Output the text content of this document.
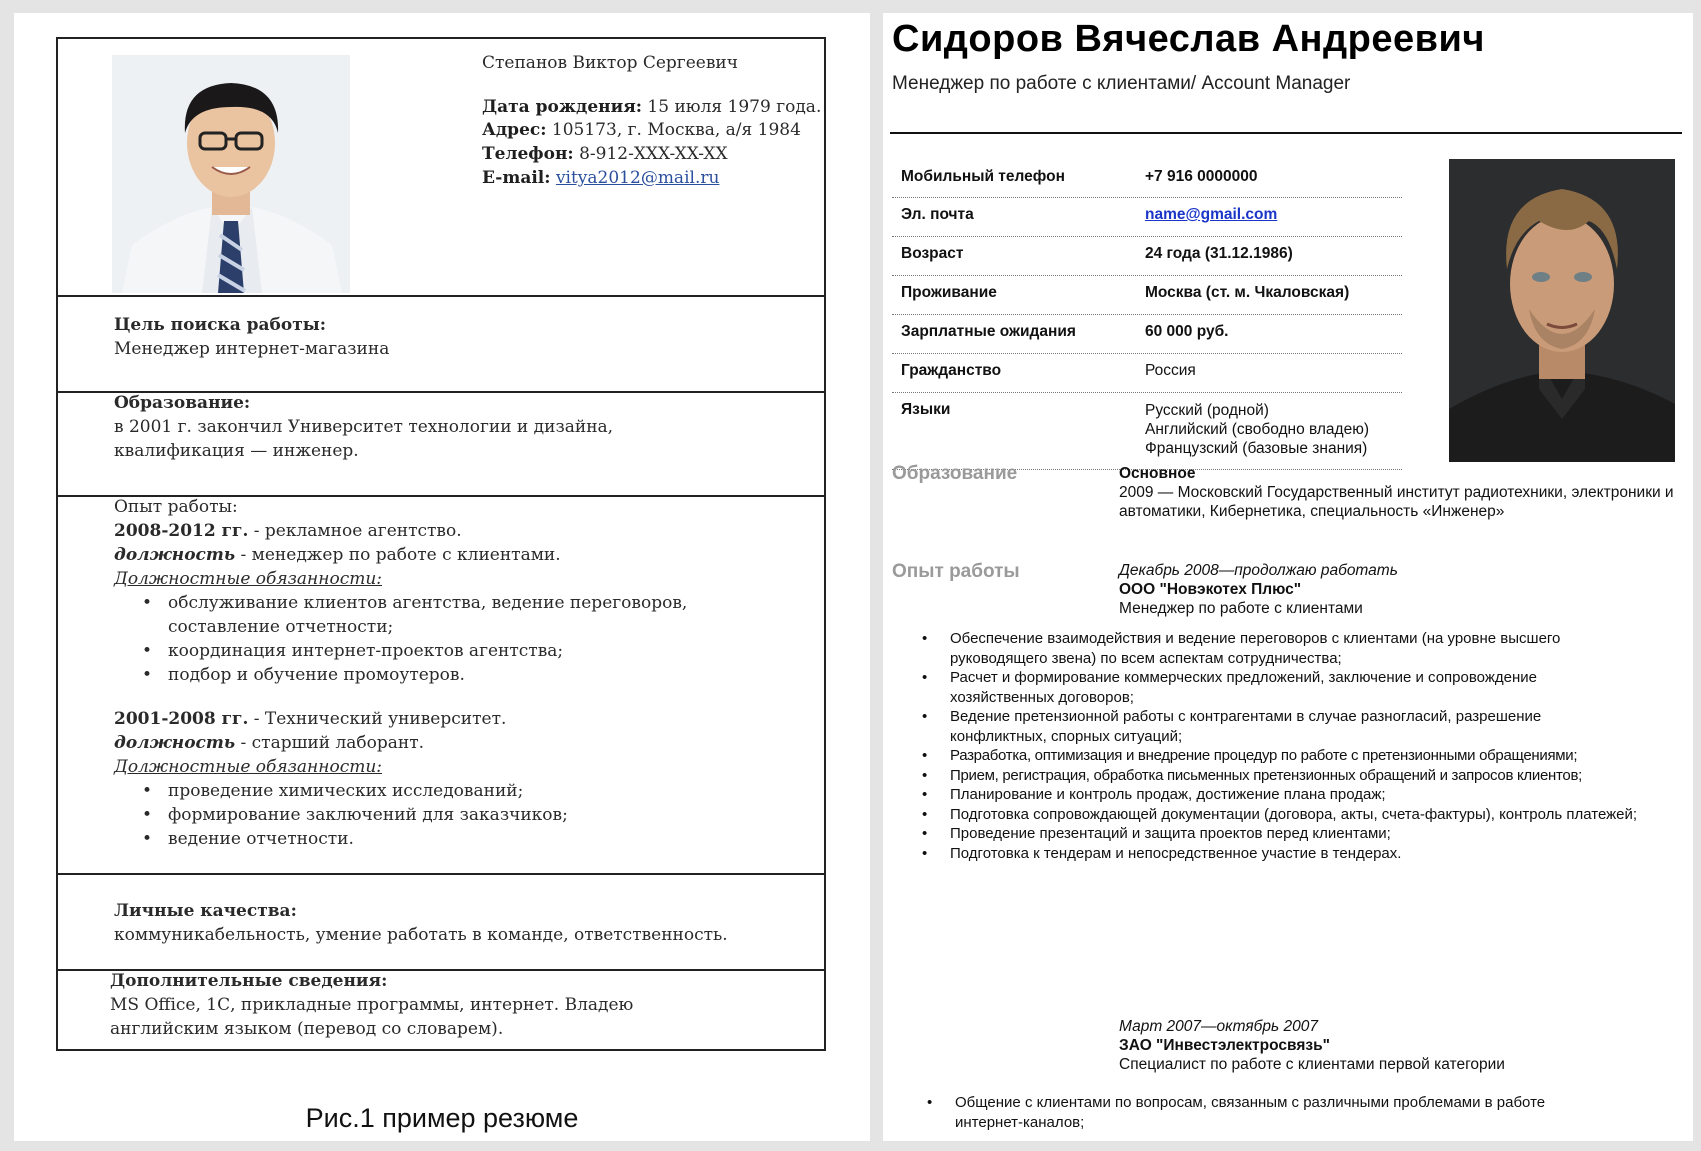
Степанов Виктор Сергеевич
Дата рождения: 15 июля 1979 года.
Адрес: 105173, г. Москва, а/я 1984
Телефон: 8-912-XXX-XX-XX
E-mail: vitya2012@mail.ru
Цель поиска работы:
Менеджер интернет-магазина
Образование:
в 2001 г. закончил Университет технологии и дизайна, квалификация — инженер.
Опыт работы:
2008-2012 гг. - рекламное агентство.
должность - менеджер по работе с клиентами.
Должностные обязанности:
• обслуживание клиентов агентства, ведение переговоров, составление отчетности;
• координация интернет-проектов агентства;
• подбор и обучение промоутеров.
2001-2008 гг. - Технический университет.
должность - старший лаборант.
Должностные обязанности:
• проведение химических исследований;
• формирование заключений для заказчиков;
• ведение отчетности.
Личные качества:
коммуникабельность, умение работать в команде, ответственность.
Дополнительные сведения:
MS Office, 1С, прикладные программы, интернет. Владею английским языком (перевод со словарем).
Рис.1 пример резюме
Сидоров Вячеслав Андреевич
Менеджер по работе с клиентами/ Account Manager
Мобильный телефон	+7 916 0000000
Эл. почта	name@gmail.com
Возраст	24 года (31.12.1986)
Проживание	Москва (ст. м. Чкаловская)
Зарплатные ожидания	60 000 руб.
Гражданство	Россия
Языки	Русский (родной)
Английский (свободно владею)
Французский (базовые знания)
Образование	Основное
2009 — Московский Государственный институт радиотехники, электроники и автоматики, Кибернетика, специальность «Инженер»
Опыт работы	Декабрь 2008—продолжаю работать
ООО "Новэкотех Плюс"
Менеджер по работе с клиентами
• Обеспечение взаимодействия и ведение переговоров с клиентами (на уровне высшего руководящего звена) по всем аспектам сотрудничества;
• Расчет и формирование коммерческих предложений, заключение и сопровождение хозяйственных договоров;
• Ведение претензионной работы с контрагентами в случае разногласий, разрешение конфликтных, спорных ситуаций;
• Разработка, оптимизация и внедрение процедур по работе с претензионными обращениями;
• Прием, регистрация, обработка письменных претензионных обращений и запросов клиентов;
• Планирование и контроль продаж, достижение плана продаж;
• Подготовка сопровождающей документации (договора, акты, счета-фактуры), контроль платежей;
• Проведение презентаций и защита проектов перед клиентами;
• Подготовка к тендерам и непосредственное участие в тендерах.
Март 2007—октябрь 2007
ЗАО "Инвестэлектросвязь"
Специалист по работе с клиентами первой категории
• Общение с клиентами по вопросам, связанным с различными проблемами в работе интернет-каналов;
